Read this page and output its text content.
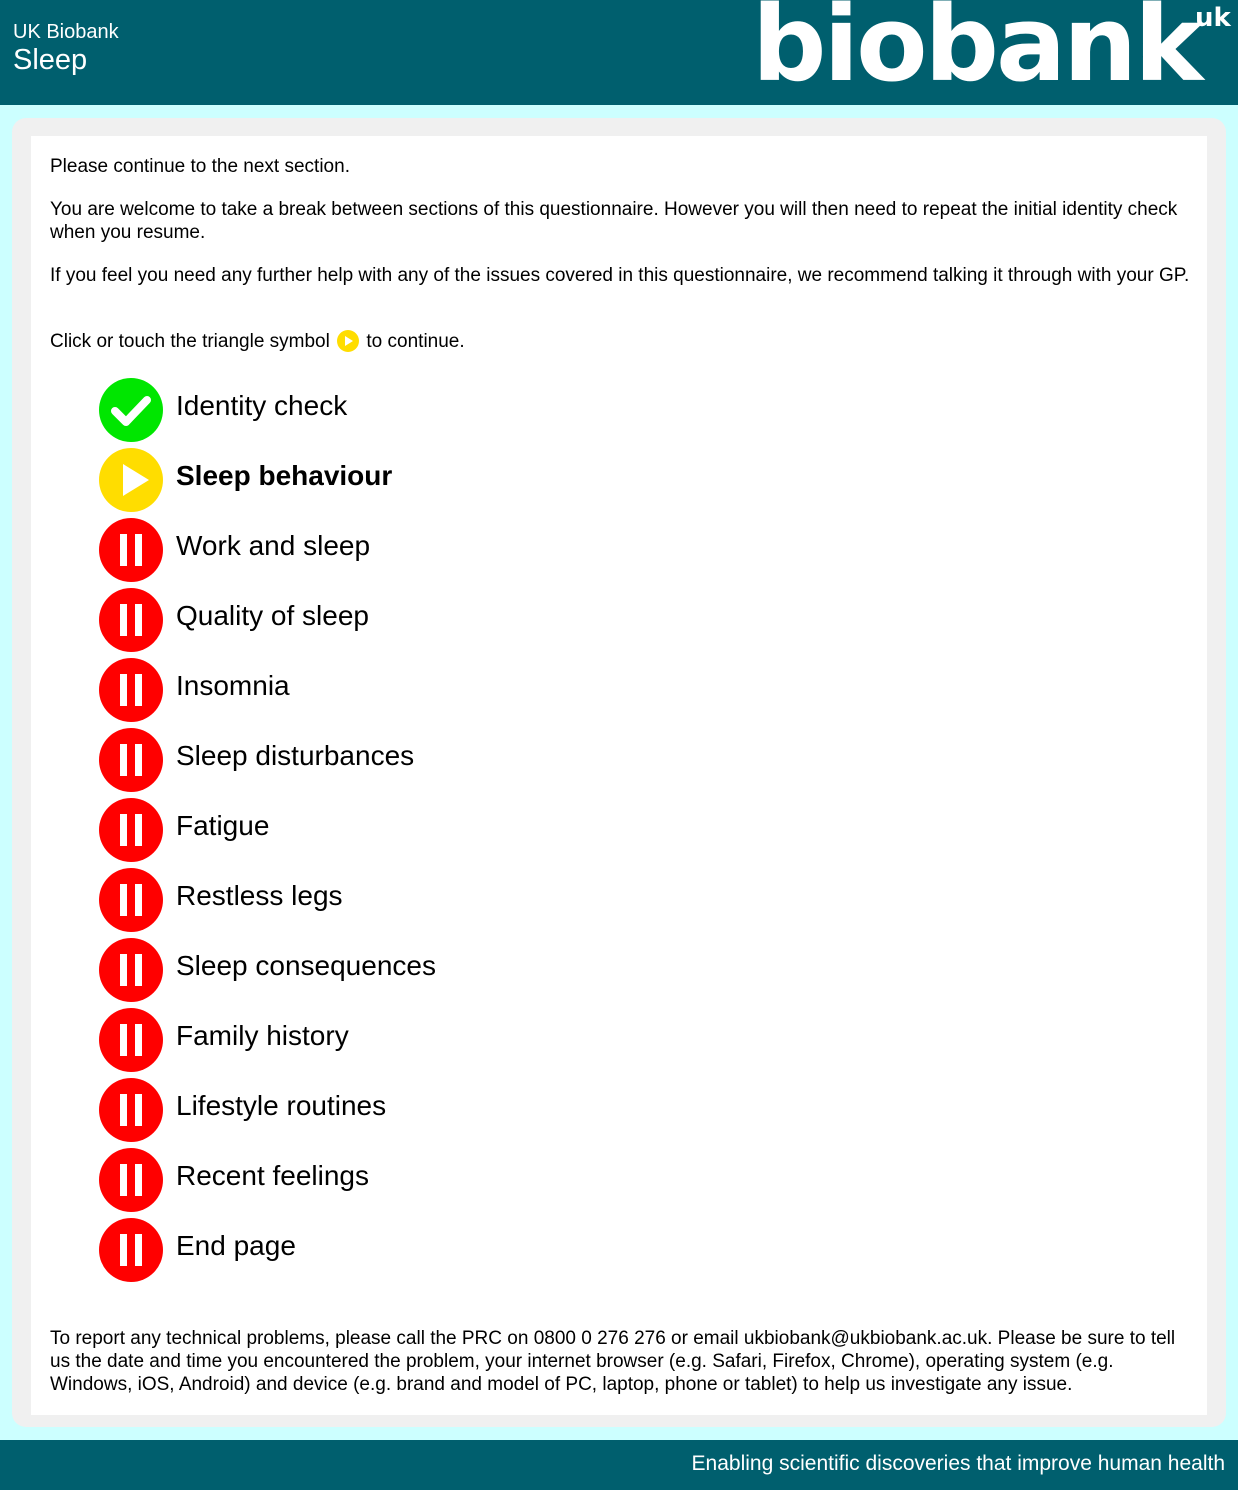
UK Biobank
Sleep	biobank
uk

Please continue to the next section.

You are welcome to take a break between sections of this questionnaire. However you will then need to repeat the initial identity check when you resume.

If you feel you need any further help with any of the issues covered in this questionnaire, we recommend talking it through with your GP.

Click or touch the triangle symbol to continue.

Identity check
Sleep behaviour
Work and sleep
Quality of sleep
Insomnia
Sleep disturbances
Fatigue
Restless legs
Sleep consequences
Family history
Lifestyle routines
Recent feelings
End page

To report any technical problems, please call the PRC on 0800 0 276 276 or email ukbiobank@ukbiobank.ac.uk. Please be sure to tell us the date and time you encountered the problem, your internet browser (e.g. Safari, Firefox, Chrome), operating system (e.g. Windows, iOS, Android) and device (e.g. brand and model of PC, laptop, phone or tablet) to help us investigate any issue.

Enabling scientific discoveries that improve human health
